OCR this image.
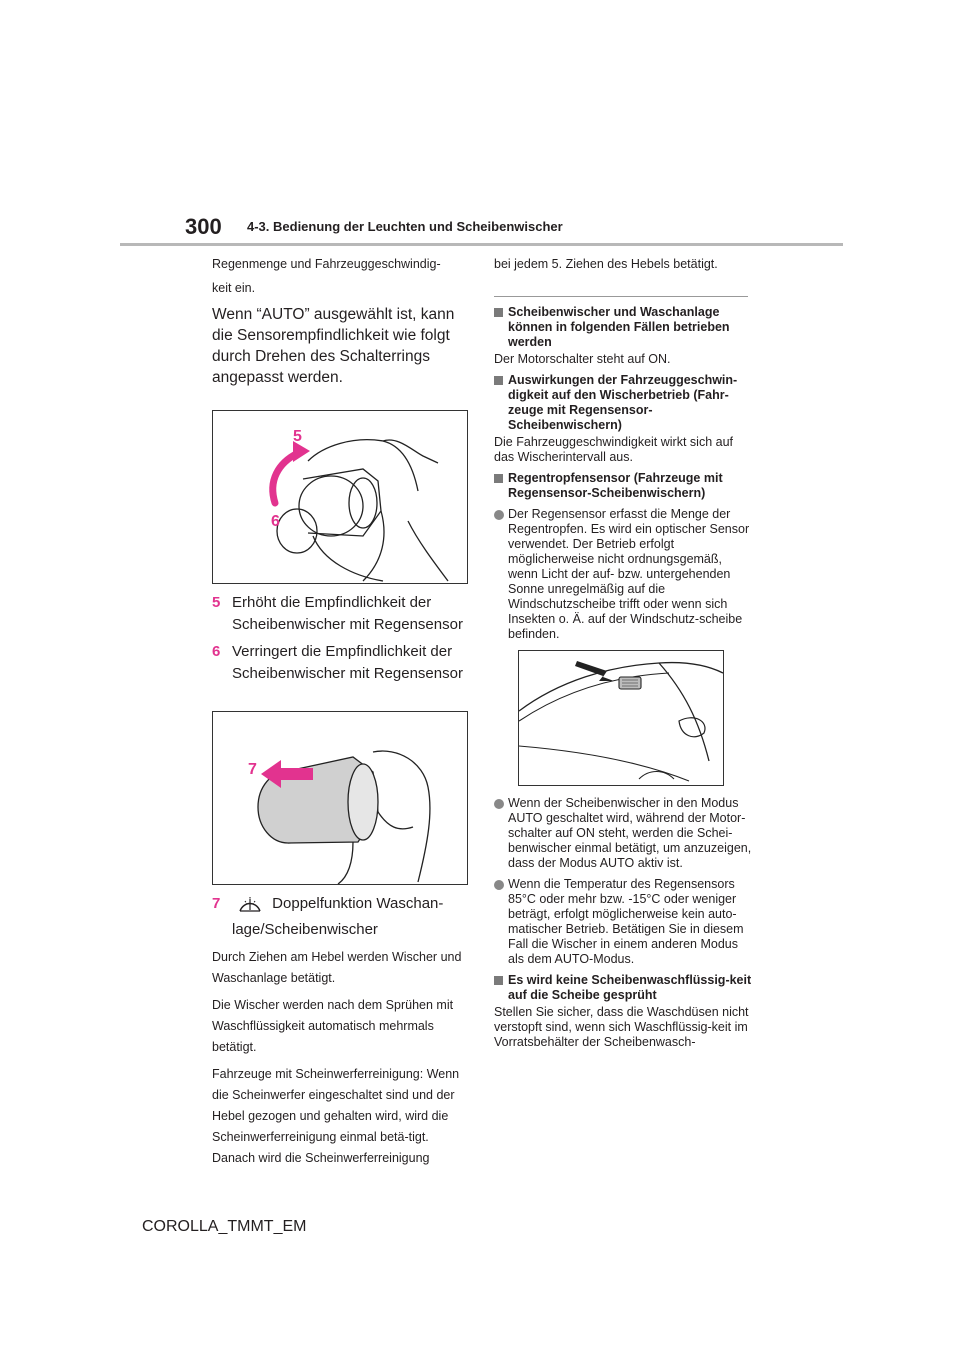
300 4-3. Bedienung der Leuchten und Scheibenwischer

Regenmenge und Fahrzeuggeschwindig-

keit ein.

Wenn “AUTO” ausgewählt ist, kann die Sensorempfindlichkeit wie folgt durch Drehen des Schalterrings angepasst werden.

5
6
5 Erhöht die Empfindlichkeit der Scheibenwischer mit Regensensor
6 Verringert die Empfindlichkeit der Scheibenwischer mit Regensensor
7
7	Doppelfunktion Waschan-lage/Scheibenwischer

Durch Ziehen am Hebel werden Wischer und Waschanlage betätigt.

Die Wischer werden nach dem Sprühen mit Waschflüssigkeit automatisch mehrmals betätigt.

Fahrzeuge mit Scheinwerferreinigung: Wenn die Scheinwerfer eingeschaltet sind und der Hebel gezogen und gehalten wird, wird die Scheinwerferreinigung einmal betä-tigt. Danach wird die Scheinwerferreinigung

bei jedem 5. Ziehen des Hebels betätigt.

Scheibenwischer und Waschanlage können in folgenden Fällen betrieben werden

Der Motorschalter steht auf ON.

Auswirkungen der Fahrzeuggeschwin-digkeit auf den Wischerbetrieb (Fahr-zeuge mit Regensensor-Scheibenwischern)

Die Fahrzeuggeschwindigkeit wirkt sich auf das Wischerintervall aus.

Regentropfensensor (Fahrzeuge mit Regensensor-Scheibenwischern)
Der Regensensor erfasst die Menge der Regentropfen. Es wird ein optischer Sensor verwendet. Der Betrieb erfolgt möglicherweise nicht ordnungsgemäß, wenn Licht der auf- bzw. untergehenden Sonne unregelmäßig auf die Windschutzscheibe trifft oder wenn sich Insekten o. Ä. auf der Windschutz-scheibe befinden.
Wenn der Scheibenwischer in den Modus AUTO geschaltet wird, während der Motor-schalter auf ON steht, werden die Schei-benwischer einmal betätigt, um anzuzeigen, dass der Modus AUTO aktiv ist.
Wenn die Temperatur des Regensensors 85°C oder mehr bzw. -15°C oder weniger beträgt, erfolgt möglicherweise kein auto-matischer Betrieb. Betätigen Sie in diesem Fall die Wischer in einem anderen Modus als dem AUTO-Modus.
Es wird keine Scheibenwaschflüssig-keit auf die Scheibe gesprüht

Stellen Sie sicher, dass die Waschdüsen nicht verstopft sind, wenn sich Waschflüssig-keit im Vorratsbehälter der Scheibenwasch-

COROLLA_TMMT_EM
